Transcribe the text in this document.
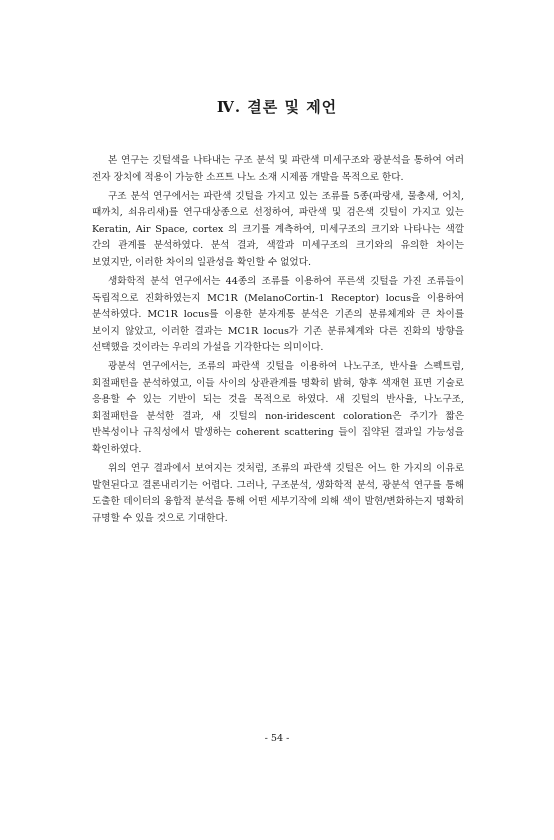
Ⅳ. 결론 및 제언

본 연구는 깃털색을 나타내는 구조 분석 및 파란색 미세구조와 광분석을 통하여 여러 전자 장치에 적용이 가능한 소프트 나노 소재 시제품 개발을 목적으로 한다.

구조 분석 연구에서는 파란색 깃털을 가지고 있는 조류를 5종(파랑새, 물총새, 어치, 때까치, 쇠유리새)를 연구대상종으로 선정하여, 파란색 및 검은색 깃털이 가지고 있는 Keratin, Air Space, cortex 의 크기를 계측하여, 미세구조의 크기와 나타나는 색깔 간의 관계를 분석하였다. 분석 결과, 색깔과 미세구조의 크기와의 유의한 차이는 보였지만, 이러한 차이의 일관성을 확인할 수 없었다.

생화학적 분석 연구에서는 44종의 조류를 이용하여 푸른색 깃털을 가진 조류들이 독립적으로 진화하였는지 MC1R (MelanoCortin-1 Receptor) locus을 이용하여 분석하였다. MC1R locus를 이용한 분자계통 분석은 기존의 분류체계와 큰 차이를 보이지 않았고, 이러한 결과는 MC1R locus가 기존 분류체계와 다른 진화의 방향을 선택했을 것이라는 우리의 가설을 기각한다는 의미이다.

광분석 연구에서는, 조류의 파란색 깃털을 이용하여 나노구조, 반사율 스펙트럼, 회절패턴을 분석하였고, 이들 사이의 상관관계를 명확히 밝혀, 향후 색재현 표면 기술로 응용할 수 있는 기반이 되는 것을 목적으로 하였다. 새 깃털의 반사율, 나노구조, 회절패턴을 분석한 결과, 새 깃털의 non-iridescent coloration은 주기가 짧은 반복성이나 규칙성에서 발생하는 coherent scattering 들이 집약된 결과일 가능성을 확인하였다.

위의 연구 결과에서 보여지는 것처럼, 조류의 파란색 깃털은 어느 한 가지의 이유로 발현된다고 결론내리기는 어렵다. 그러나, 구조분석, 생화학적 분석, 광분석 연구를 통해 도출한 데이터의 융합적 분석을 통해 어떤 세부기작에 의해 색이 발현/변화하는지 명확히 규명할 수 있을 것으로 기대한다.

- 54 -
